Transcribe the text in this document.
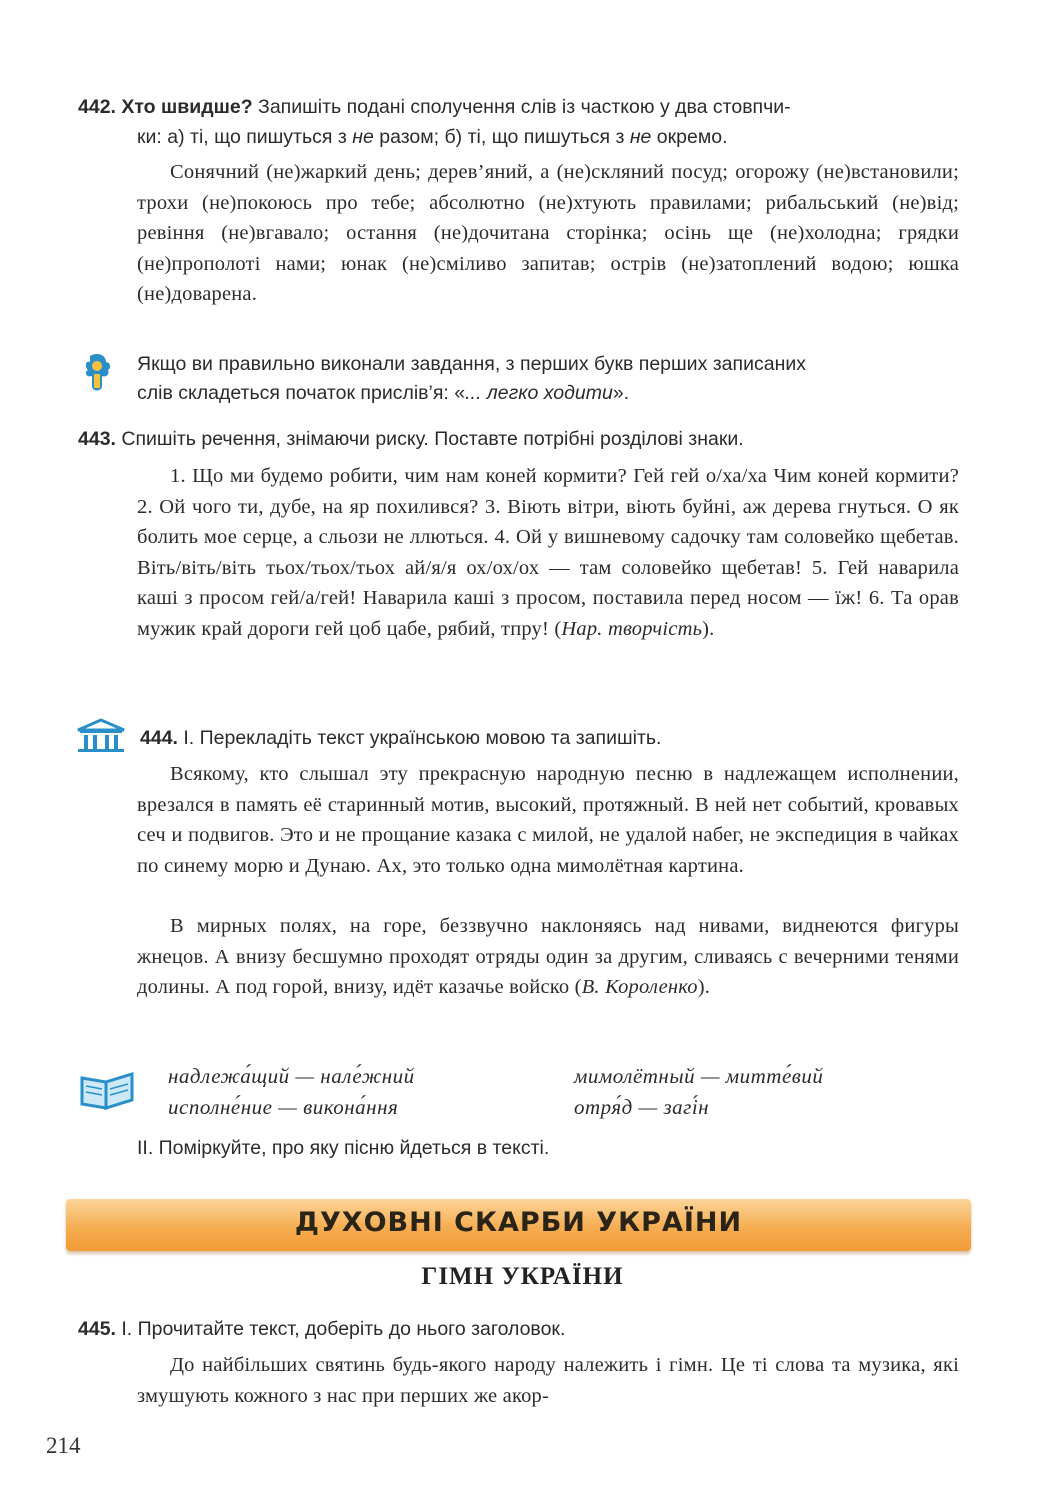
442. Хто швидше? Запишіть подані сполучення слів із часткою у два стовпчи-
ки: а) ті, що пишуться з не разом; б) ті, що пишуться з не окремо.
Сонячний (не)жаркий день; дерев’яний, а (не)скляний посуд; огорожу (не)встановили; трохи (не)покоюсь про тебе; абсолютно (не)хтують правилами; рибальський (не)від; ревіння (не)вгавало; остання (не)дочитана сторінка; осінь ще (не)холодна; грядки (не)прополоті нами; юнак (не)сміливо запитав; острів (не)затоплений водою; юшка (не)доварена.
Якщо ви правильно виконали завдання, з перших букв перших записаних
слів складеться початок прислів’я: «... легко ходити».
443. Спишіть речення, знімаючи риску. Поставте потрібні розділові знаки.
1. Що ми будемо робити, чим нам коней кормити? Гей гей о/ха/ха Чим коней кормити? 2. Ой чого ти, дубе, на яр похилився? 3. Віють вітри, віють буйні, аж дерева гнуться. О як болить мое серце, а сльози не ллються. 4. Ой у вишневому садочку там соловейко щебетав. Віть/віть/віть тьох/тьох/тьох ай/я/я ох/ох/ох — там соловейко щебетав! 5. Гей наварила каші з просом гей/а/гей! Наварила каші з просом, поставила перед носом — їж! 6. Та орав мужик край дороги гей цоб цабе, рябий, тпру! (Нар. творчість).
444. І. Перекладіть текст українською мовою та запишіть.
Всякому, кто слышал эту прекрасную народную песню в надлежащем исполнении, врезался в память её старинный мотив, высокий, протяжный. В ней нет событий, кровавых сеч и подвигов. Это и не прощание казака с милой, не удалой набег, не экспедиция в чайках по синему морю и Дунаю. Ах, это только одна мимолётная картина.
В мирных полях, на горе, беззвучно наклоняясь над нивами, виднеются фигуры жнецов. А внизу бесшумно проходят отряды один за другим, сливаясь с вечерними тенями долины. А под горой, внизу, идёт казачье войско (В. Короленко).
надлежа́щий — нале́жний	мимолётный — митте́вий
исполне́ние — викона́ння	отря́д — загі́н
ІІ. Поміркуйте, про яку пісню йдеться в тексті.
ДУХОВНІ СКАРБИ УКРАЇНИ
ГІМН УКРАЇНИ
445. І. Прочитайте текст, доберіть до нього заголовок.
До найбільших святинь будь-якого народу належить і гімн. Це ті слова та музика, які змушують кожного з нас при перших же акор-
214
